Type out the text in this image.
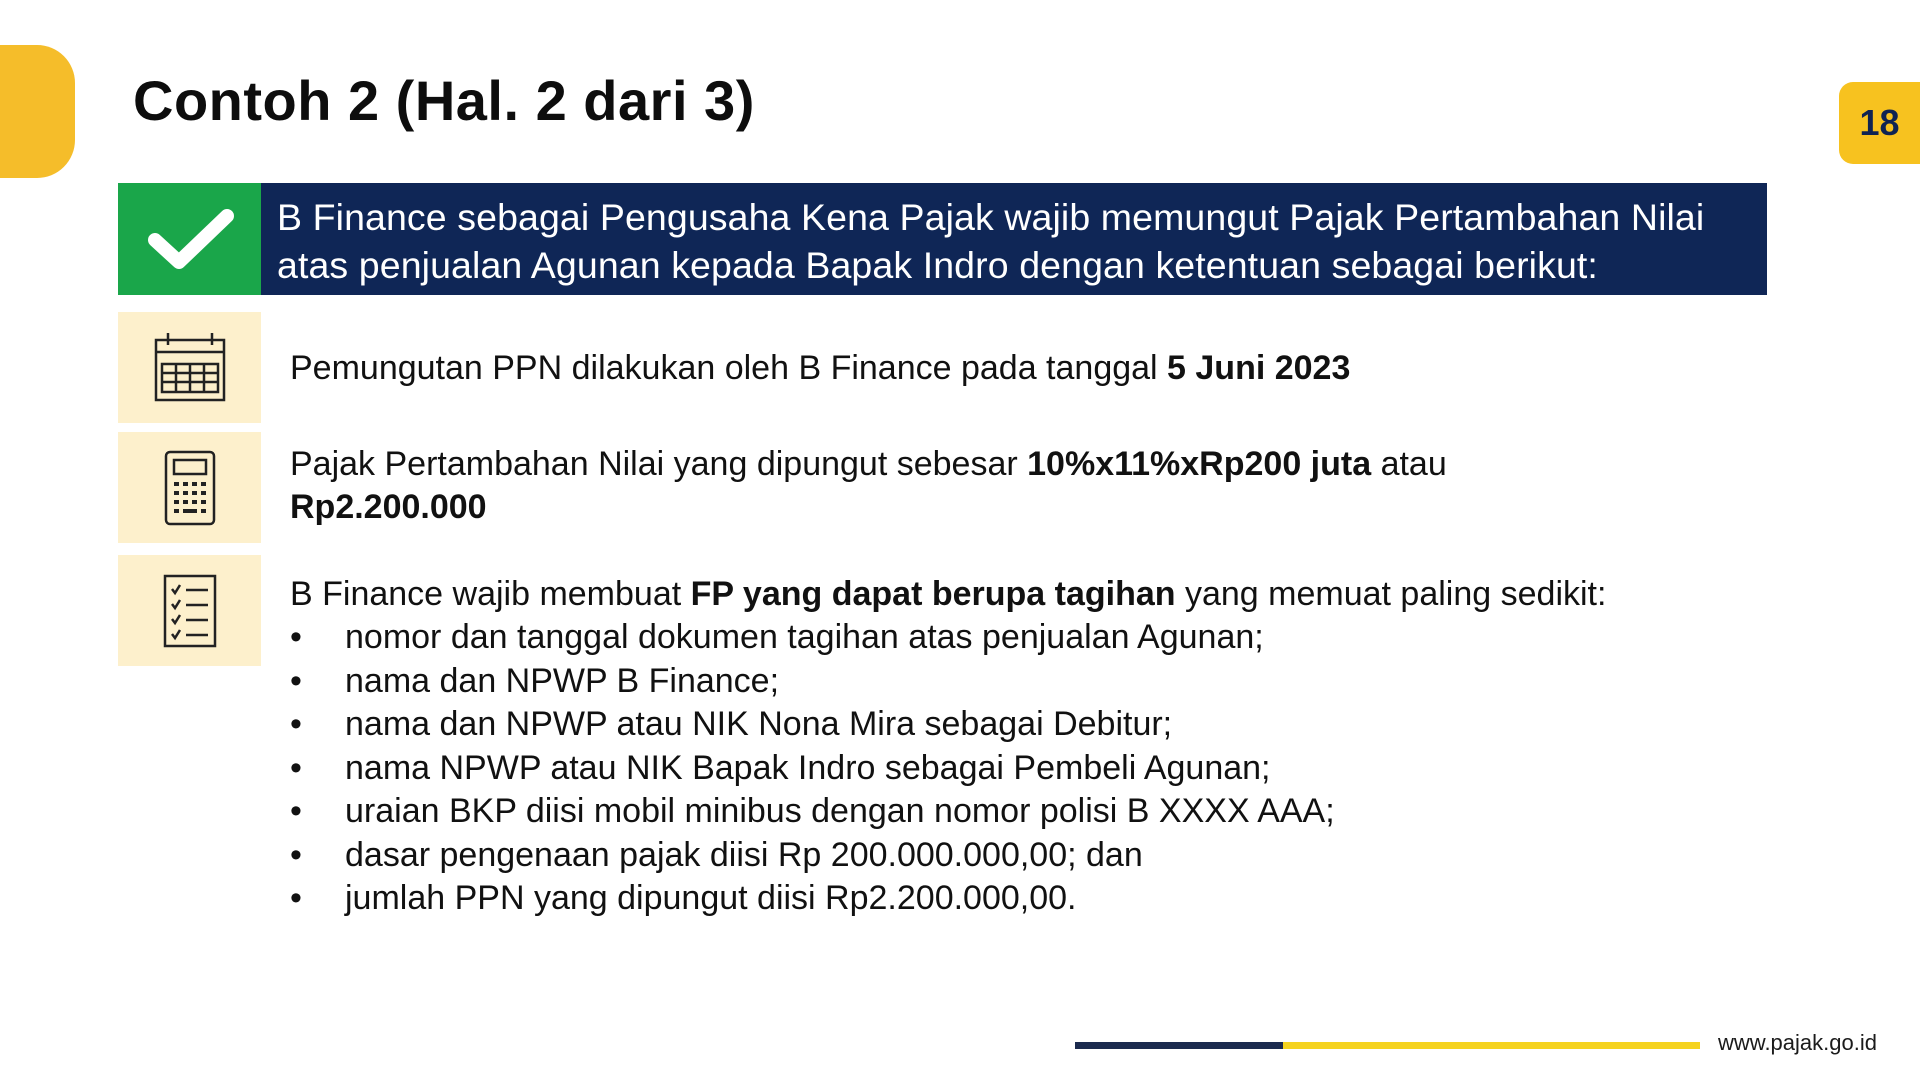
Contoh 2 (Hal. 2 dari 3)	18
B Finance sebagai Pengusaha Kena Pajak wajib memungut Pajak Pertambahan Nilai
atas penjualan Agunan kepada Bapak Indro dengan ketentuan sebagai berikut:
Pemungutan PPN dilakukan oleh B Finance pada tanggal 5 Juni 2023
Pajak Pertambahan Nilai yang dipungut sebesar 10%x11%xRp200 juta atau
Rp2.200.000
B Finance wajib membuat FP yang dapat berupa tagihan yang memuat paling sedikit:
• nomor dan tanggal dokumen tagihan atas penjualan Agunan;
• nama dan NPWP B Finance;
• nama dan NPWP atau NIK Nona Mira sebagai Debitur;
• nama NPWP atau NIK Bapak Indro sebagai Pembeli Agunan;
• uraian BKP diisi mobil minibus dengan nomor polisi B XXXX AAA;
• dasar pengenaan pajak diisi Rp 200.000.000,00; dan
• jumlah PPN yang dipungut diisi Rp2.200.000,00.
www.pajak.go.id
